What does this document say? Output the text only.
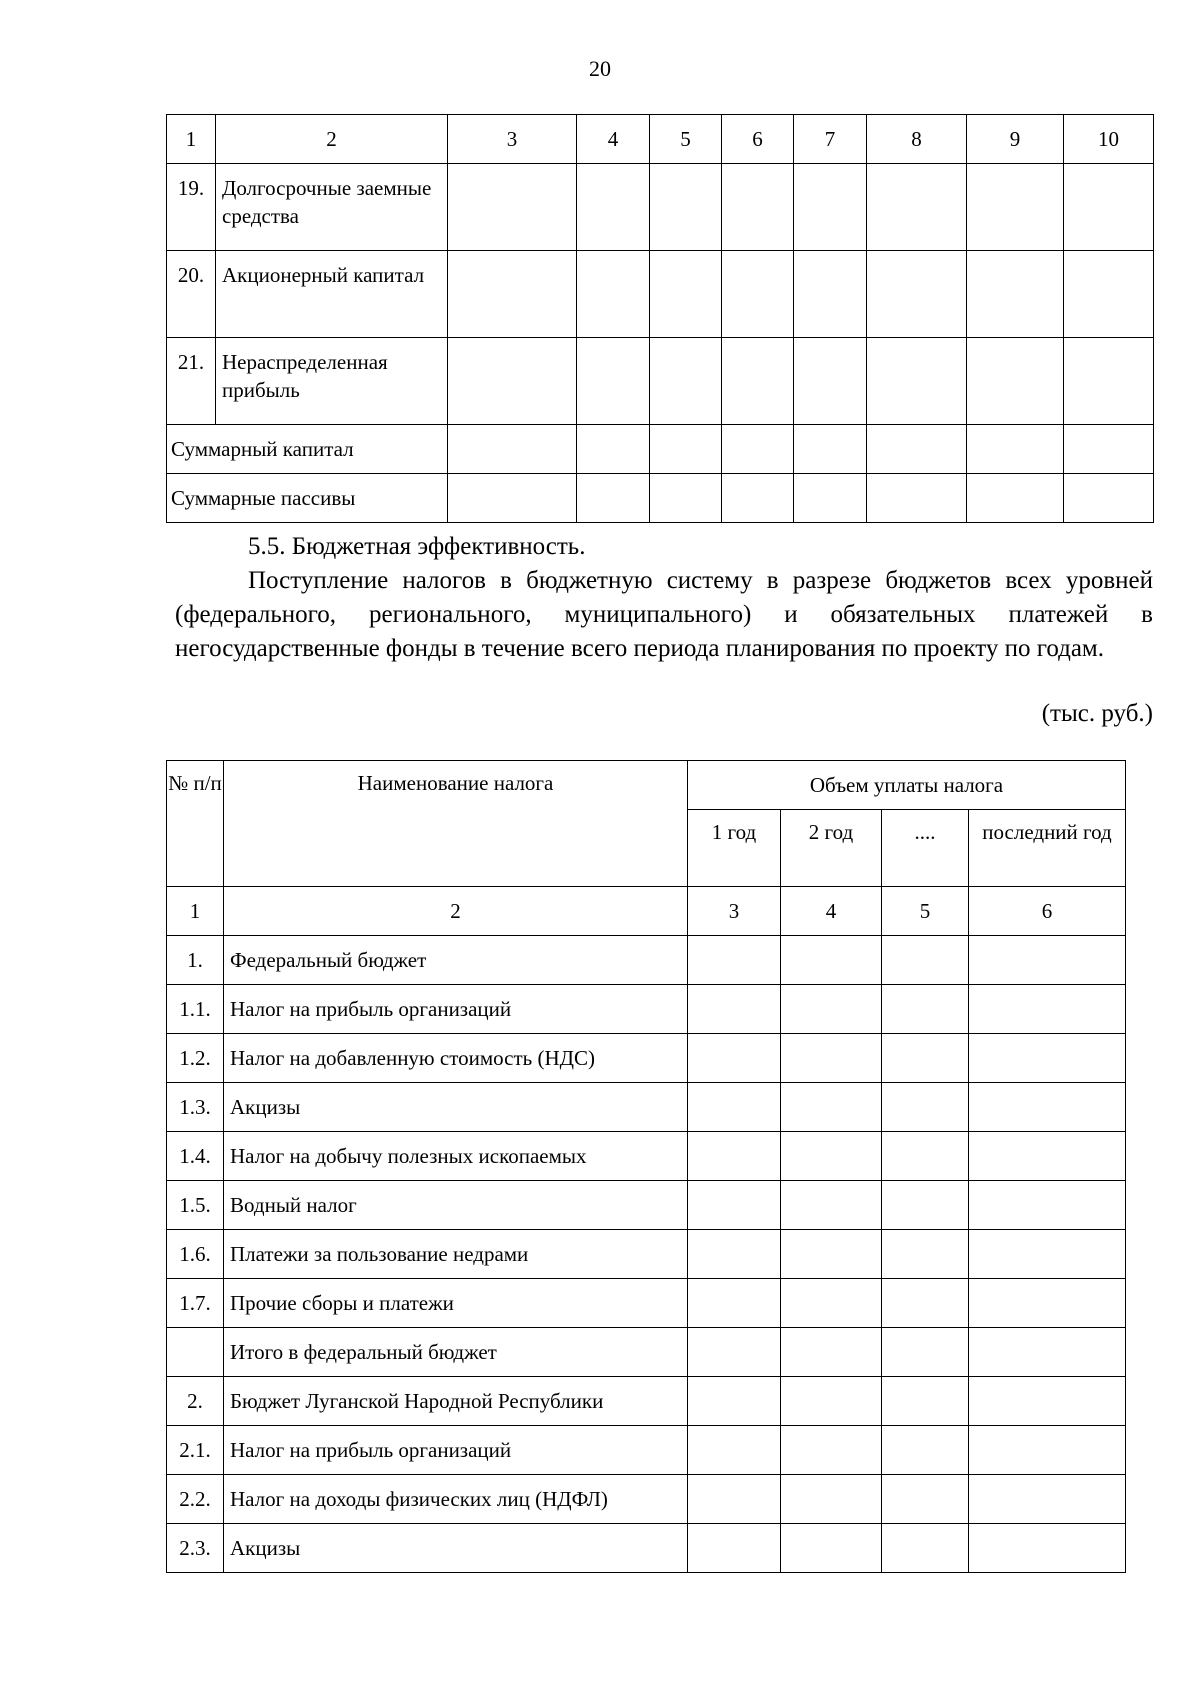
20
1	2	3	4	5	6	7	8	9	10
19.	Долгосрочные заемные средства								
20.	Акционерный капитал								
21.	Нераспределенная прибыль								
Суммарный капитал									
Суммарные пассивы									
5.5. Бюджетная эффективность.
Поступление налогов в бюджетную систему в разрезе бюджетов всех уровней (федерального, регионального, муниципального) и обязательных платежей в негосударственные фонды в течение всего периода планирования по проекту по годам.
(тыс. руб.)
№ п/п	Наименование налога	Объем уплаты налога			
		1 год	2 год	....	последний год
1	2	3	4	5	6
1.	Федеральный бюджет				
1.1.	Налог на прибыль организаций				
1.2.	Налог на добавленную стоимость (НДС)				
1.3.	Акцизы				
1.4.	Налог на добычу полезных ископаемых				
1.5.	Водный налог				
1.6.	Платежи за пользование недрами				
1.7.	Прочие сборы и платежи				
	Итого в федеральный бюджет				
2.	Бюджет Луганской Народной Республики				
2.1.	Налог на прибыль организаций				
2.2.	Налог на доходы физических лиц (НДФЛ)				
2.3.	Акцизы				
